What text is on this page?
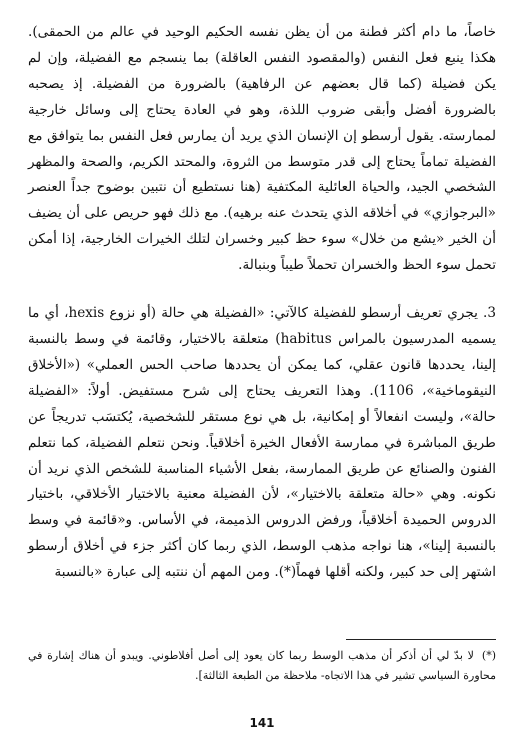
خاصاً، ما دام أكثر فطنة من أن يظن نفسه الحكيم الوحيد في عالم من الحمقى). هكذا ينبع فعل النفس (والمقصود النفس العاقلة) بما ينسجم مع الفضيلة، وإن لم يكن فضيلة (كما قال بعضهم عن الرفاهية) بالضرورة من الفضيلة. إذ يصحبه بالضرورة أفضل وأبقى ضروب اللذة، وهو في العادة يحتاج إلى وسائل خارجية لممارسته. يقول أرسطو إن الإنسان الذي يريد أن يمارس فعل النفس بما يتوافق مع الفضيلة تماماً يحتاج إلى قدر متوسط من الثروة، والمحتد الكريم، والصحة والمظهر الشخصي الجيد، والحياة العائلية المكتفية (هنا نستطيع أن نتبين بوضوح جداً العنصر «البرجوازي» في أخلاقه الذي يتحدث عنه برهيه). مع ذلك فهو حريص على أن يضيف أن الخير «يشع من خلال» سوء حظ كبير وخسران لتلك الخيرات الخارجية، إذا أمكن تحمل سوء الحظ والخسران تحملاً طيباً وبنبالة.

3. يجري تعريف أرسطو للفضيلة كالآتي: «الفضيلة هي حالة (أو نزوع hexis، أي ما يسميه المدرسيون بالمراس habitus) متعلقة بالاختيار، وقائمة في وسط بالنسبة إلينا، يحددها قانون عقلي، كما يمكن أن يحددها صاحب الحس العملي» («الأخلاق النيقوماخية»، 1106). وهذا التعريف يحتاج إلى شرح مستفيض. أولاً: «الفضيلة حالة»، وليست انفعالاً أو إمكانية، بل هي نوع مستقر للشخصية، يُكتسَب تدريجاً عن طريق المباشرة في ممارسة الأفعال الخيرة أخلاقياً. ونحن نتعلم الفضيلة، كما نتعلم الفنون والصنائع عن طريق الممارسة، بفعل الأشياء المناسبة للشخص الذي نريد أن نكونه. وهي «حالة متعلقة بالاختيار»، لأن الفضيلة معنية بالاختيار الأخلاقي، باختيار الدروس الحميدة أخلاقياً، ورفض الدروس الذميمة، في الأساس. و«قائمة في وسط بالنسبة إلينا»، هنا نواجه مذهب الوسط، الذي ربما كان أكثر جزء في أخلاق أرسطو اشتهر إلى حد كبير، ولكنه أقلها فهماً(*). ومن المهم أن ننتبه إلى عبارة «بالنسبة

(*)لا بدّ لي أن أذكر أن مذهب الوسط ربما كان يعود إلى أصل أفلاطوني. ويبدو أن هناك إشارة في محاورة السياسي تشير في هذا الاتجاه- ملاحظة من الطبعة الثالثة].
141
